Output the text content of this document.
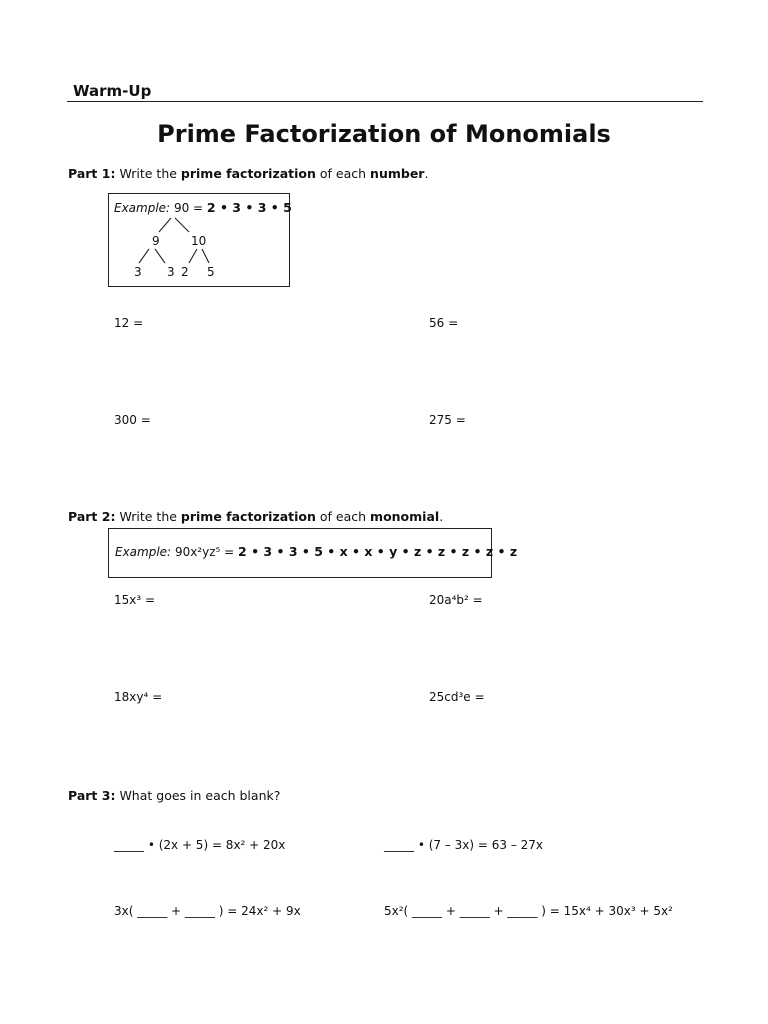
Warm-Up
Prime Factorization of Monomials
Part 1: Write the prime factorization of each number.
Example: 90 = 2 • 3 • 3 • 5
9	10
3 3 2 5
12 =	56 =
300 =	275 =
Part 2: Write the prime factorization of each monomial.
Example: 90x²yz⁵ = 2 • 3 • 3 • 5 • x • x • y • z • z • z • z • z
15x³ =	20a⁴b² =
18xy⁴ =	25cd³e =
Part 3: What goes in each blank?
_____ • (2x + 5) = 8x² + 20x	_____ • (7 – 3x) = 63 – 27x
3x( _____ + _____ ) = 24x² + 9x	5x²( _____ + _____ + _____ ) = 15x⁴ + 30x³ + 5x²
